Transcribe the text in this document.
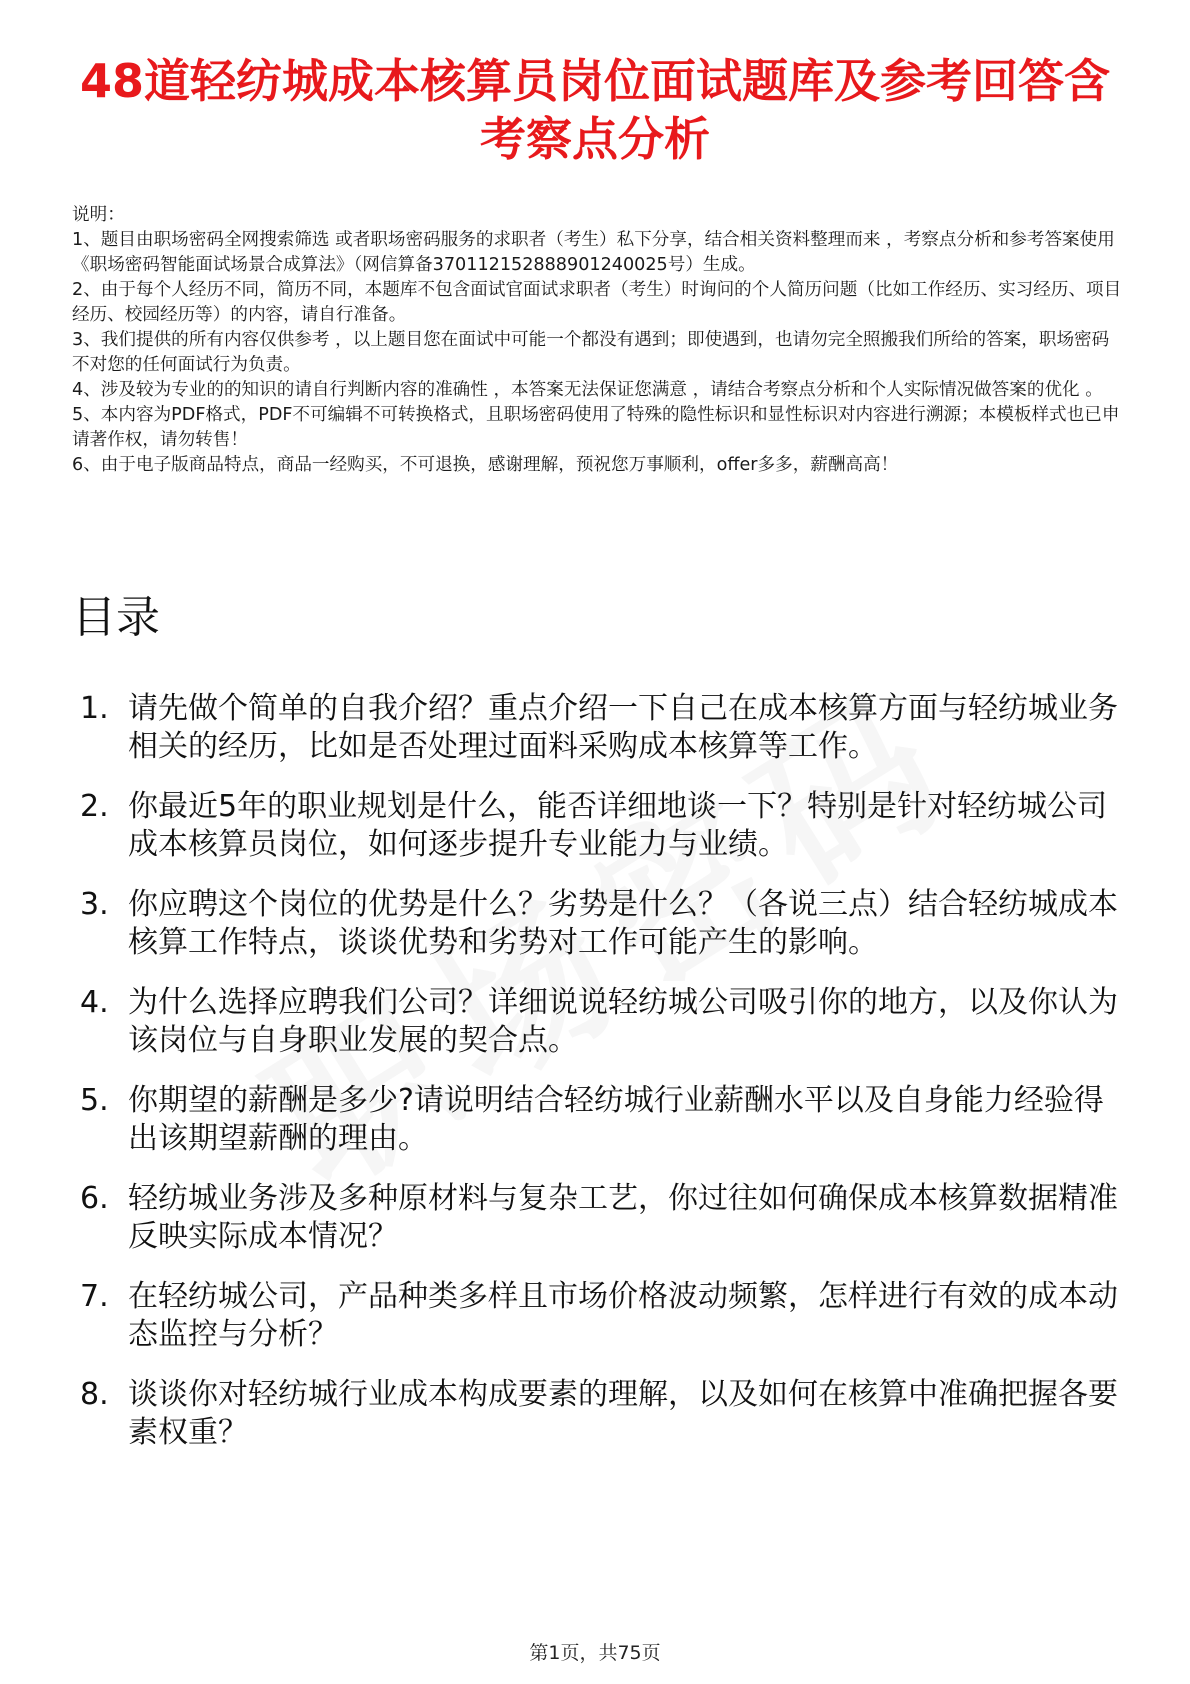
48道轻纺城成本核算员岗位面试题库及参考回答含考察点分析

说明：

1、题目由职场密码全网搜索筛选 或者职场密码服务的求职者（考生）私下分享，结合相关资料整理而来 ，考察点分析和参考答案使用《职场密码智能面试场景合成算法》（网信算备370112152888901240025号）生成。

2、由于每个人经历不同，简历不同，本题库不包含面试官面试求职者（考生）时询问的个人简历问题（比如工作经历、实习经历、项目经历、校园经历等）的内容，请自行准备。

3、我们提供的所有内容仅供参考 ，以上题目您在面试中可能一个都没有遇到；即使遇到，也请勿完全照搬我们所给的答案，职场密码不对您的任何面试行为负责。

4、涉及较为专业的的知识的请自行判断内容的准确性 ，本答案无法保证您满意 ，请结合考察点分析和个人实际情况做答案的优化 。

5、本内容为PDF格式，PDF不可编辑不可转换格式，且职场密码使用了特殊的隐性标识和显性标识对内容进行溯源；本模板样式也已申请著作权，请勿转售！

6、由于电子版商品特点，商品一经购买，不可退换，感谢理解，预祝您万事顺利，offer多多，薪酬高高！

目录
1. 请先做个简单的自我介绍？重点介绍一下自己在成本核算方面与轻纺城业务相关的经历，比如是否处理过面料采购成本核算等工作。
2. 你最近5年的职业规划是什么，能否详细地谈一下？特别是针对轻纺城公司成本核算员岗位，如何逐步提升专业能力与业绩。
3. 你应聘这个岗位的优势是什么？劣势是什么？（各说三点）结合轻纺城成本核算工作特点，谈谈优势和劣势对工作可能产生的影响。
4. 为什么选择应聘我们公司？详细说说轻纺城公司吸引你的地方，以及你认为该岗位与自身职业发展的契合点。
5. 你期望的薪酬是多少?请说明结合轻纺城行业薪酬水平以及自身能力经验得出该期望薪酬的理由。
6. 轻纺城业务涉及多种原材料与复杂工艺，你过往如何确保成本核算数据精准反映实际成本情况？
7. 在轻纺城公司，产品种类多样且市场价格波动频繁，怎样进行有效的成本动态监控与分析？
8. 谈谈你对轻纺城行业成本构成要素的理解，以及如何在核算中准确把握各要素权重？
第1页，共75页
